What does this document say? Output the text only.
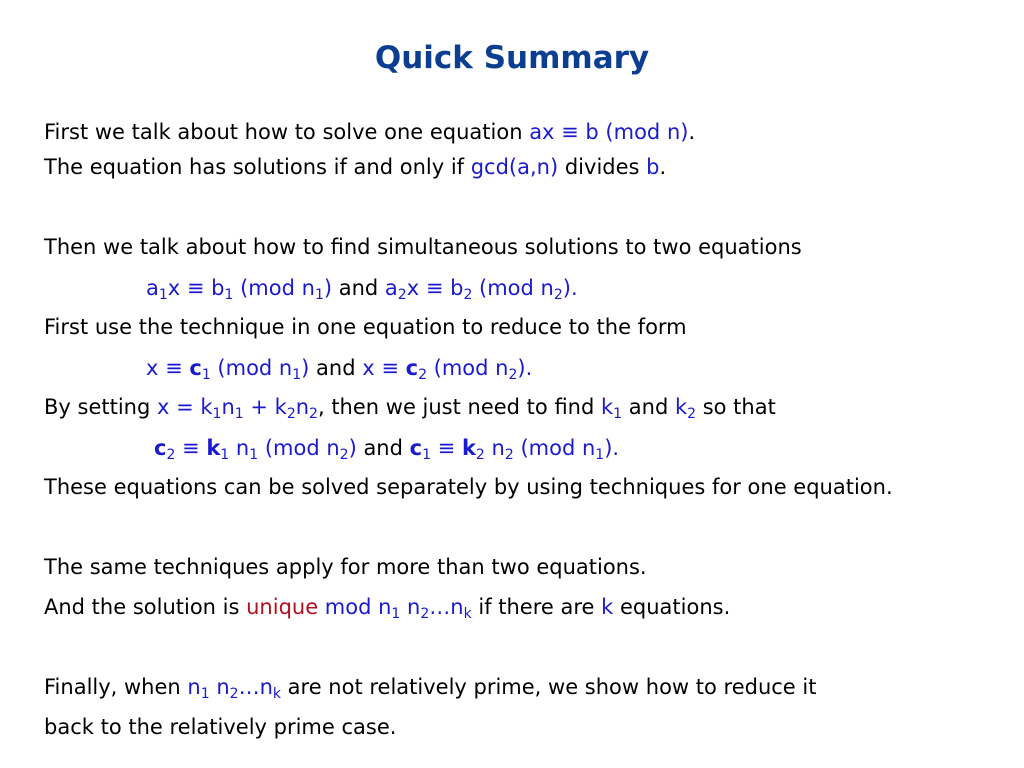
Quick Summary
First we talk about how to solve one equation ax ≡ b (mod n).
The equation has solutions if and only if gcd(a,n) divides b.
Then we talk about how to find simultaneous solutions to two equations
$a_1x \equiv b_1$ (mod $n_1$) and $a_2x \equiv b_2$ (mod $n_2$).
First use the technique in one equation to reduce to the form
$x \equiv c_1$ (mod $n_1$) and $x \equiv c_2$ (mod $n_2$).
By setting $x = k_1n_1 + k_2n_2$, then we just need to find $k_1$ and $k_2$ so that
$c_2 \equiv k_1$ $n_1$ (mod $n_2$) and $c_1 \equiv k_2$ $n_2$ (mod $n_1$).
These equations can be solved separately by using techniques for one equation.
The same techniques apply for more than two equations.
And the solution is unique mod $n_1$ $n_2\dots n_k$ if there are k equations.
Finally, when $n_1$ $n_2\dots n_k$ are not relatively prime, we show how to reduce it
back to the relatively prime case.
